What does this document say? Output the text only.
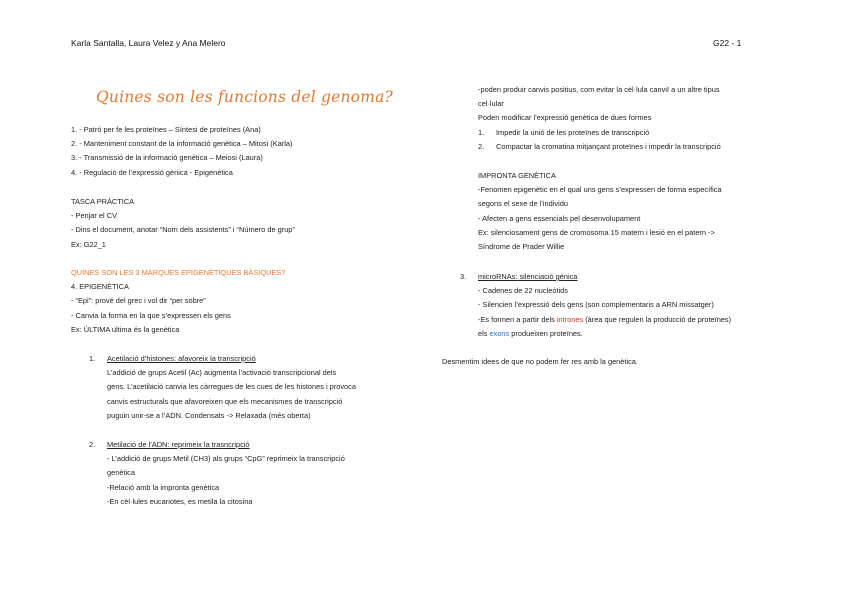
Karla Santalla, Laura Velez y Ana Melero	G22 - 1
Quines son les funcions del genoma?
1. - Patró per fe les proteïnes – Síntesi de proteïnes (Ana)
2. - Manteniment constant de la informació genètica – Mitosi (Karla)
3. - Transmissió de la informació genètica – Meiosi (Laura)
4. - Regulació de l’expressió gènica - Epigenètica
TASCA PRÀCTICA
- Penjar el CV
- Dins el document, anotar “Nom dels assistents” i “Número de grup”
Ex: G22_1
QUINES SON LES 3 MARQUES EPIGENÈTIQUES BÀSIQUES?
4. EPIGENÈTICA
- “Epi”: prové del grec i vol dir “per sobre”
- Canvia la forma en la que s’expressen els gens
Ex: ÚLTIMA ultima és la genètica
1. Acetilació d’histones: afavoreix la transcripció
L’addició de grups Acetil (Ac) augmenta l’activació transcripcional dels
gens. L’acetilació canvia les càrregues de les cues de les histones i provoca
canvis estructurals que afavoreixen que els mecanismes de transcripció
puguin unir-se a l’ADN. Condensats -> Relaxada (més oberta)
2. Metilació de l’ADN: reprimeix la trasncripció
- L’addició de grups Metil (CH3) als grups “CpG” reprimeix la transcripció
genètica
-Relació amb la impronta genètica
-En cèl·lules eucariotes, es metila la citosina
-poden produir canvis positius, com evitar la cèl·lula canviï a un altre tipus
cel·lular
Poden modificar l’expressió genètica de dues formes
1. Impedir la unió de les proteïnes de transcripció
2. Compactar la cromatina mitjançant proteïnes i impedir la transcripció
IMPRONTA GENÈTICA
-Fenomen epigenètic en el qual uns gens s’expressen de forma específica
segons el sexe de l’individu
- Afecten a gens essencials pel desenvolupament
Ex: silenciosament gens de cromosoma 15 matern i lesió en el patern ->
Síndrome de Prader Willie
3. microRNAs: silenciació gènica
- Cadenes de 22 nucleòtids
- Silencien l’expressió dels gens (son complementaris a ARN missatger)
-Es formen a partir dels intrones (àrea que regulen la producció de proteïnes)
els exons produeixen proteïnes.
Desmentim idees de que no podem fer res amb la genètica.
